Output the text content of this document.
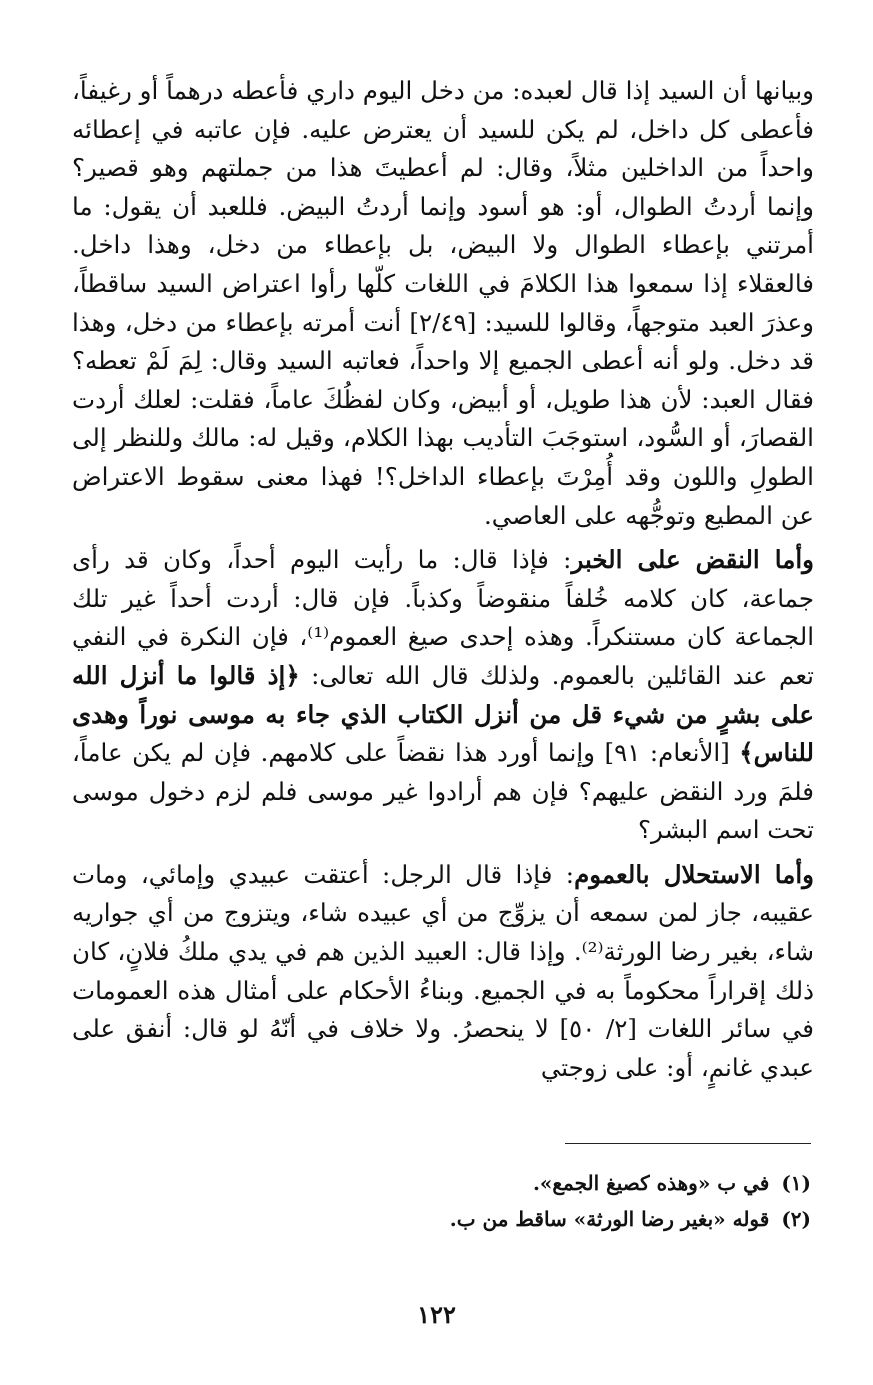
وبيانها أن السيد إذا قال لعبده: من دخل اليوم داري فأعطه درهماً أو رغيفاً، فأعطى كل داخل، لم يكن للسيد أن يعترض عليه. فإن عاتبه في إعطائه واحداً من الداخلين مثلاً، وقال: لم أعطيتَ هذا من جملتهم وهو قصير؟ وإنما أردتُ الطوال، أو: هو أسود وإنما أردتُ البيض. فللعبد أن يقول: ما أمرتني بإعطاء الطوال ولا البيض، بل بإعطاء من دخل، وهذا داخل. فالعقلاء إذا سمعوا هذا الكلامَ في اللغات كلّها رأوا اعتراض السيد ساقطاً، وعذرَ العبد متوجهاً، وقالوا للسيد: [٢/٤٩] أنت أمرته بإعطاء من دخل، وهذا قد دخل. ولو أنه أعطى الجميع إلا واحداً، فعاتبه السيد وقال: لِمَ لَمْ تعطه؟ فقال العبد: لأن هذا طويل، أو أبيض، وكان لفظُكَ عاماً، فقلت: لعلك أردت القصارَ، أو السُّود، استوجَبَ التأديب بهذا الكلام، وقيل له: مالك وللنظر إلى الطولِ واللون وقد أُمِرْتَ بإعطاء الداخل؟! فهذا معنى سقوط الاعتراض عن المطيع وتوجُّهه على العاصي.

وأما النقض على الخبر: فإذا قال: ما رأيت اليوم أحداً، وكان قد رأى جماعة، كان كلامه خُلفاً منقوضاً وكذباً. فإن قال: أردت أحداً غير تلك الجماعة كان مستنكراً. وهذه إحدى صيغ العموم⁽¹⁾، فإن النكرة في النفي تعم عند القائلين بالعموم. ولذلك قال الله تعالى: ﴿إذ قالوا ما أنزل الله على بشرٍ من شيء قل من أنزل الكتاب الذي جاء به موسى نوراً وهدى للناس﴾ [الأنعام: ٩١] وإنما أورد هذا نقضاً على كلامهم. فإن لم يكن عاماً، فلمَ ورد النقض عليهم؟ فإن هم أرادوا غير موسى فلم لزم دخول موسى تحت اسم البشر؟

وأما الاستحلال بالعموم: فإذا قال الرجل: أعتقت عبيدي وإمائي، ومات عقيبه، جاز لمن سمعه أن يزوِّج من أي عبيده شاء، ويتزوج من أي جواريه شاء، بغير رضا الورثة⁽²⁾. وإذا قال: العبيد الذين هم في يدي ملكُ فلانٍ، كان ذلك إقراراً محكوماً به في الجميع. وبناءُ الأحكام على أمثال هذه العمومات في سائر اللغات [٢/ ٥٠] لا ينحصرُ. ولا خلاف في أنّهُ لو قال: أنفق على عبدي غانمٍ، أو: على زوجتي

(١)في ب «وهذه كصيغ الجمع».
(٢)قوله «بغير رضا الورثة» ساقط من ب.
١٢٢
